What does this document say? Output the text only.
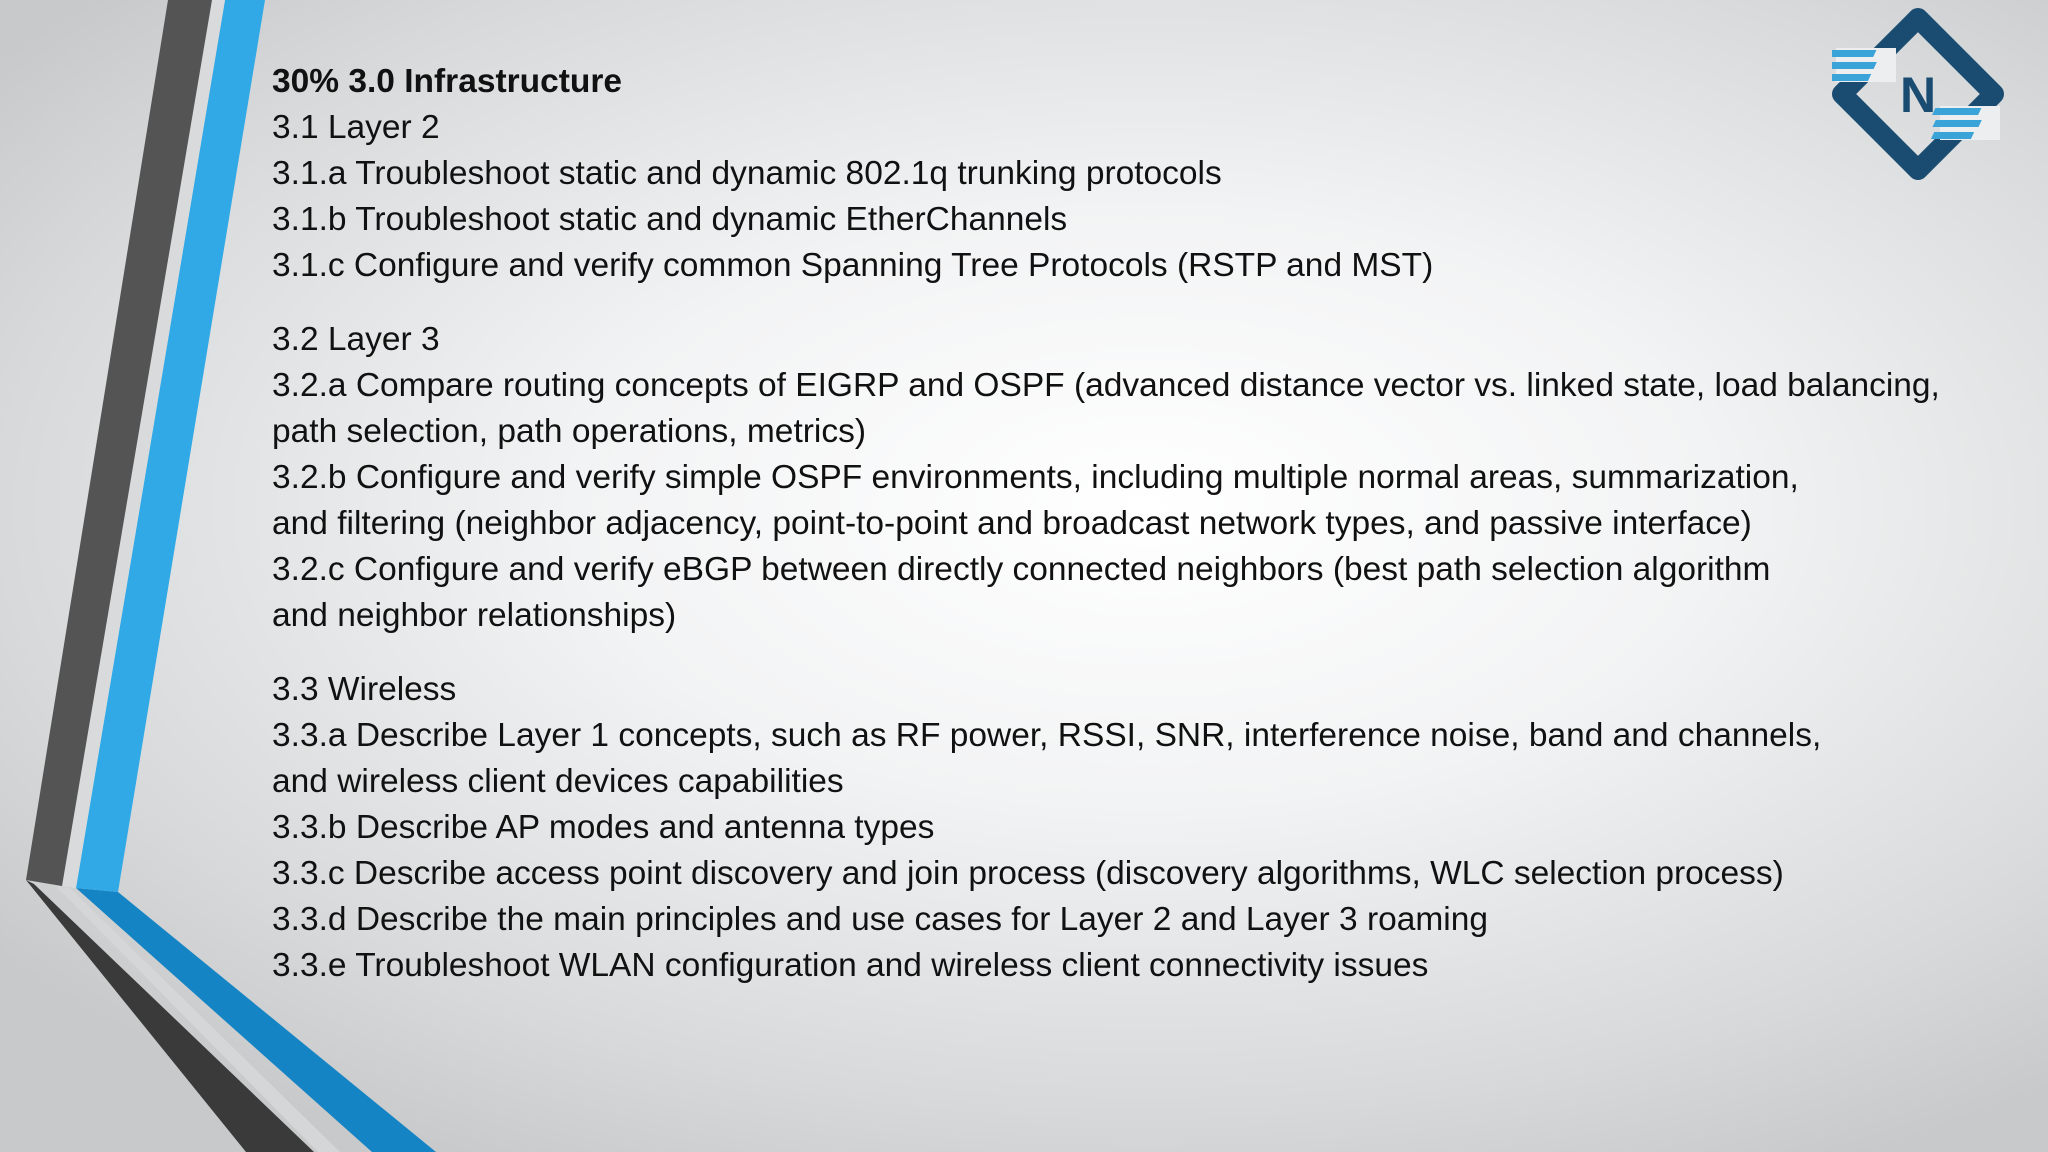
N
30% 3.0 Infrastructure
3.1 Layer 2
3.1.a Troubleshoot static and dynamic 802.1q trunking protocols
3.1.b Troubleshoot static and dynamic EtherChannels
3.1.c Configure and verify common Spanning Tree Protocols (RSTP and MST)
3.2 Layer 3
3.2.a Compare routing concepts of EIGRP and OSPF (advanced distance vector vs. linked state, load balancing,
path selection, path operations, metrics)
3.2.b Configure and verify simple OSPF environments, including multiple normal areas, summarization,
and filtering (neighbor adjacency, point-to-point and broadcast network types, and passive interface)
3.2.c Configure and verify eBGP between directly connected neighbors (best path selection algorithm
and neighbor relationships)
3.3 Wireless
3.3.a Describe Layer 1 concepts, such as RF power, RSSI, SNR, interference noise, band and channels,
and wireless client devices capabilities
3.3.b Describe AP modes and antenna types
3.3.c Describe access point discovery and join process (discovery algorithms, WLC selection process)
3.3.d Describe the main principles and use cases for Layer 2 and Layer 3 roaming
3.3.e Troubleshoot WLAN configuration and wireless client connectivity issues
